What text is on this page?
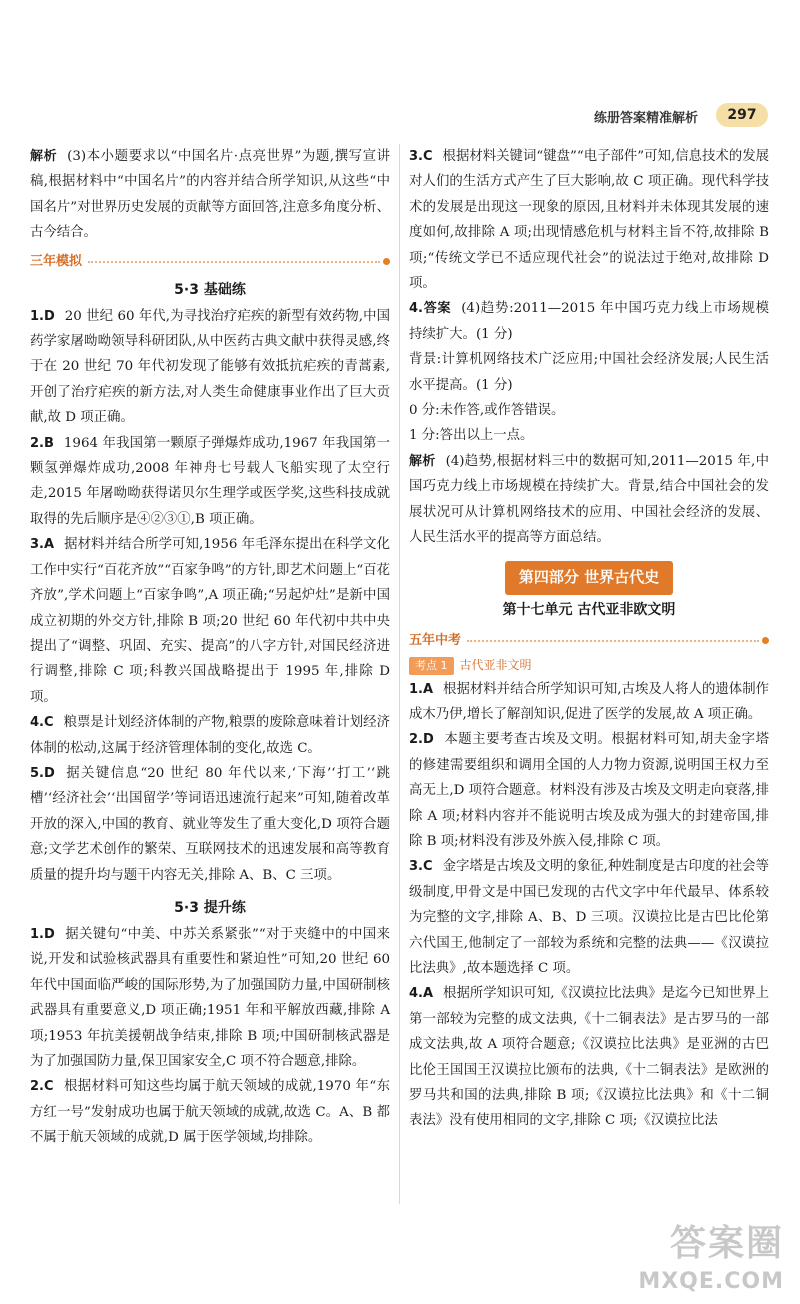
练册答案精准解析	297

解析 (3)本小题要求以“中国名片·点亮世界”为题,撰写宣讲稿,根据材料中“中国名片”的内容并结合所学知识,从这些“中国名片”对世界历史发展的贡献等方面回答,注意多角度分析、古今结合。

三年模拟
5·3 基础练

1.D 20 世纪 60 年代,为寻找治疗疟疾的新型有效药物,中国药学家屠呦呦领导科研团队,从中医药古典文献中获得灵感,终于在 20 世纪 70 年代初发现了能够有效抵抗疟疾的青蒿素,开创了治疗疟疾的新方法,对人类生命健康事业作出了巨大贡献,故 D 项正确。

2.B 1964 年我国第一颗原子弹爆炸成功,1967 年我国第一颗氢弹爆炸成功,2008 年神舟七号载人飞船实现了太空行走,2015 年屠呦呦获得诺贝尔生理学或医学奖,这些科技成就取得的先后顺序是④②③①,B 项正确。

3.A 据材料并结合所学可知,1956 年毛泽东提出在科学文化工作中实行“百花齐放”“百家争鸣”的方针,即艺术问题上“百花齐放”,学术问题上“百家争鸣”,A 项正确;“另起炉灶”是新中国成立初期的外交方针,排除 B 项;20 世纪 60 年代初中共中央提出了“调整、巩固、充实、提高”的八字方针,对国民经济进行调整,排除 C 项;科教兴国战略提出于 1995 年,排除 D 项。

4.C 粮票是计划经济体制的产物,粮票的废除意味着计划经济体制的松动,这属于经济管理体制的变化,故选 C。

5.D 据关键信息“20 世纪 80 年代以来,‘下海’‘打工’‘跳槽’‘经济社会’‘出国留学’等词语迅速流行起来”可知,随着改革开放的深入,中国的教育、就业等发生了重大变化,D 项符合题意;文学艺术创作的繁荣、互联网技术的迅速发展和高等教育质量的提升均与题干内容无关,排除 A、B、C 三项。

5·3 提升练

1.D 据关键句“中美、中苏关系紧张”“对于夹缝中的中国来说,开发和试验核武器具有重要性和紧迫性”可知,20 世纪 60 年代中国面临严峻的国际形势,为了加强国防力量,中国研制核武器具有重要意义,D 项正确;1951 年和平解放西藏,排除 A 项;1953 年抗美援朝战争结束,排除 B 项;中国研制核武器是为了加强国防力量,保卫国家安全,C 项不符合题意,排除。

2.C 根据材料可知这些均属于航天领域的成就,1970 年“东方红一号”发射成功也属于航天领域的成就,故选 C。A、B 都不属于航天领域的成就,D 属于医学领域,均排除。

3.C 根据材料关键词“键盘”“电子部件”可知,信息技术的发展对人们的生活方式产生了巨大影响,故 C 项正确。现代科学技术的发展是出现这一现象的原因,且材料并未体现其发展的速度如何,故排除 A 项;出现情感危机与材料主旨不符,故排除 B 项;“传统文学已不适应现代社会”的说法过于绝对,故排除 D 项。

4.答案 (4)趋势:2011—2015 年中国巧克力线上市场规模持续扩大。(1 分)

背景:计算机网络技术广泛应用;中国社会经济发展;人民生活水平提高。(1 分)

0 分:未作答,或作答错误。

1 分:答出以上一点。

解析 (4)趋势,根据材料三中的数据可知,2011—2015 年,中国巧克力线上市场规模在持续扩大。背景,结合中国社会的发展状况可从计算机网络技术的应用、中国社会经济的发展、人民生活水平的提高等方面总结。

第四部分 世界古代史
第十七单元 古代亚非欧文明
五年中考
考点 1	古代亚非文明

1.A 根据材料并结合所学知识可知,古埃及人将人的遗体制作成木乃伊,增长了解剖知识,促进了医学的发展,故 A 项正确。

2.D 本题主要考查古埃及文明。根据材料可知,胡夫金字塔的修建需要组织和调用全国的人力物力资源,说明国王权力至高无上,D 项符合题意。材料没有涉及古埃及文明走向衰落,排除 A 项;材料内容并不能说明古埃及成为强大的封建帝国,排除 B 项;材料没有涉及外族入侵,排除 C 项。

3.C 金字塔是古埃及文明的象征,种姓制度是古印度的社会等级制度,甲骨文是中国已发现的古代文字中年代最早、体系较为完整的文字,排除 A、B、D 三项。汉谟拉比是古巴比伦第六代国王,他制定了一部较为系统和完整的法典——《汉谟拉比法典》,故本题选择 C 项。

4.A 根据所学知识可知,《汉谟拉比法典》是迄今已知世界上第一部较为完整的成文法典,《十二铜表法》是古罗马的一部成文法典,故 A 项符合题意;《汉谟拉比法典》是亚洲的古巴比伦王国国王汉谟拉比颁布的法典,《十二铜表法》是欧洲的罗马共和国的法典,排除 B 项;《汉谟拉比法典》和《十二铜表法》没有使用相同的文字,排除 C 项;《汉谟拉比法

答案圈
MXQE.COM
